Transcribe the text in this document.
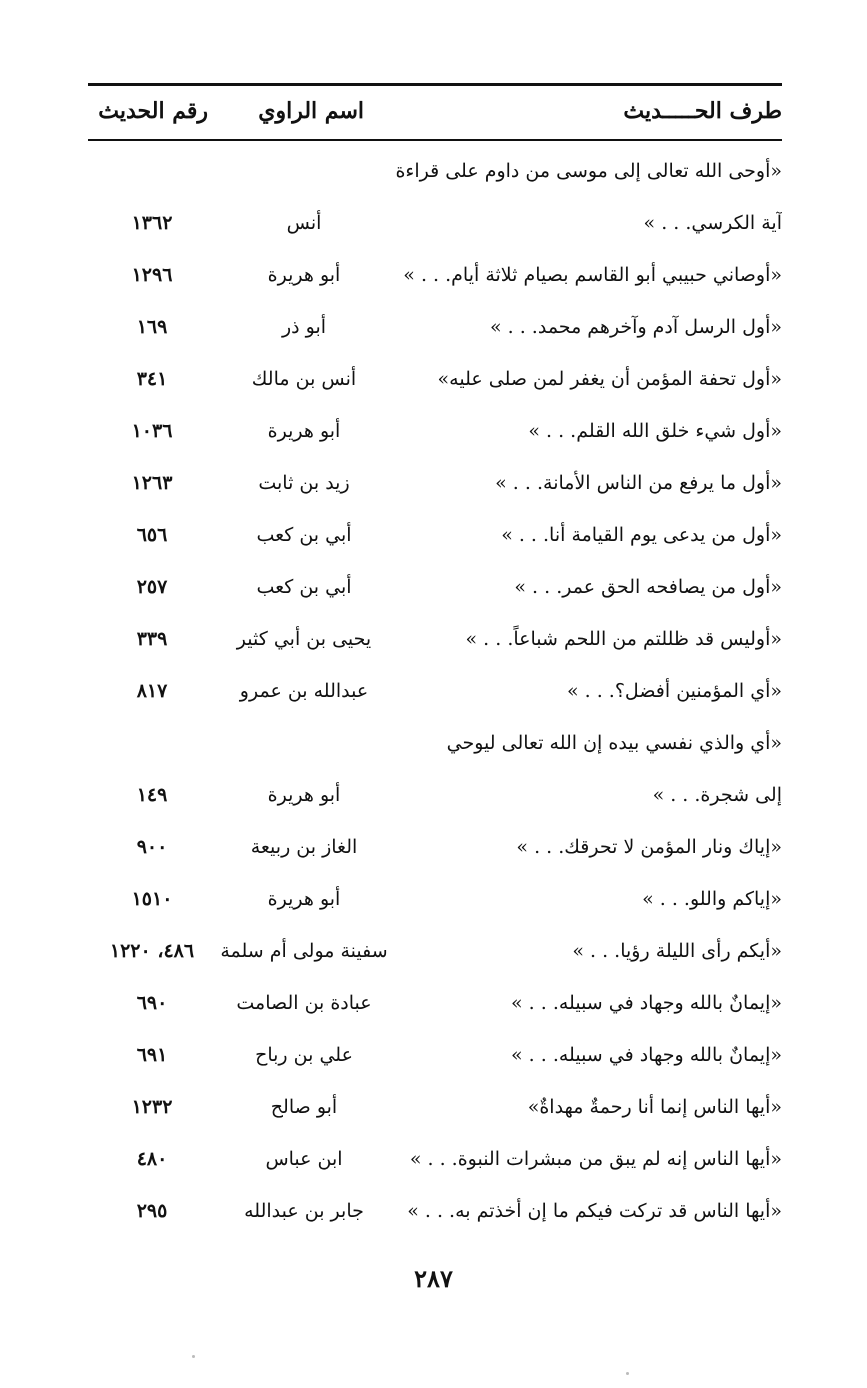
طرف الحـــــديث
اسم الراوي
رقم الحديث
«أوحى الله تعالى إلى موسى من داوم على قراءة
آية الكرسي. . . »
أنس
١٣٦٢
«أوصاني حبيبي أبو القاسم بصيام ثلاثة أيام. . . »
أبو هريرة
١٢٩٦
«أول الرسل آدم وآخرهم محمد. . . »
أبو ذر
١٦٩
«أول تحفة المؤمن أن يغفر لمن صلى عليه»
أنس بن مالك
٣٤١
«أول شيء خلق الله القلم. . . »
أبو هريرة
١٠٣٦
«أول ما يرفع من الناس الأمانة. . . »
زيد بن ثابت
١٢٦٣
«أول من يدعى يوم القيامة أنا. . . »
أبي بن كعب
٦٥٦
«أول من يصافحه الحق عمر. . . »
أبي بن كعب
٢٥٧
«أوليس قد ظللتم من اللحم شباعاً. . . »
يحيى بن أبي كثير
٣٣٩
«أي المؤمنين أفضل؟. . . »
عبدالله بن عمرو
٨١٧
«أي والذي نفسي بيده إن الله تعالى ليوحي
إلى شجرة. . . »
أبو هريرة
١٤٩
«إياك ونار المؤمن لا تحرقك. . . »
الغاز بن ربيعة
٩٠٠
«إياكم واللو. . . »
أبو هريرة
١٥١٠
«أيكم رأى الليلة رؤيا. . . »
سفينة مولى أم سلمة
٤٨٦، ١٢٢٠
«إيمانٌ بالله وجهاد في سبيله. . . »
عبادة بن الصامت
٦٩٠
«إيمانٌ بالله وجهاد في سبيله. . . »
علي بن رباح
٦٩١
«أيها الناس إنما أنا رحمةٌ مهداةٌ»
أبو صالح
١٢٣٢
«أيها الناس إنه لم يبق من مبشرات النبوة. . . »
ابن عباس
٤٨٠
«أيها الناس قد تركت فيكم ما إن أخذتم به. . . »
جابر بن عبدالله
٢٩٥
٢٨٧
